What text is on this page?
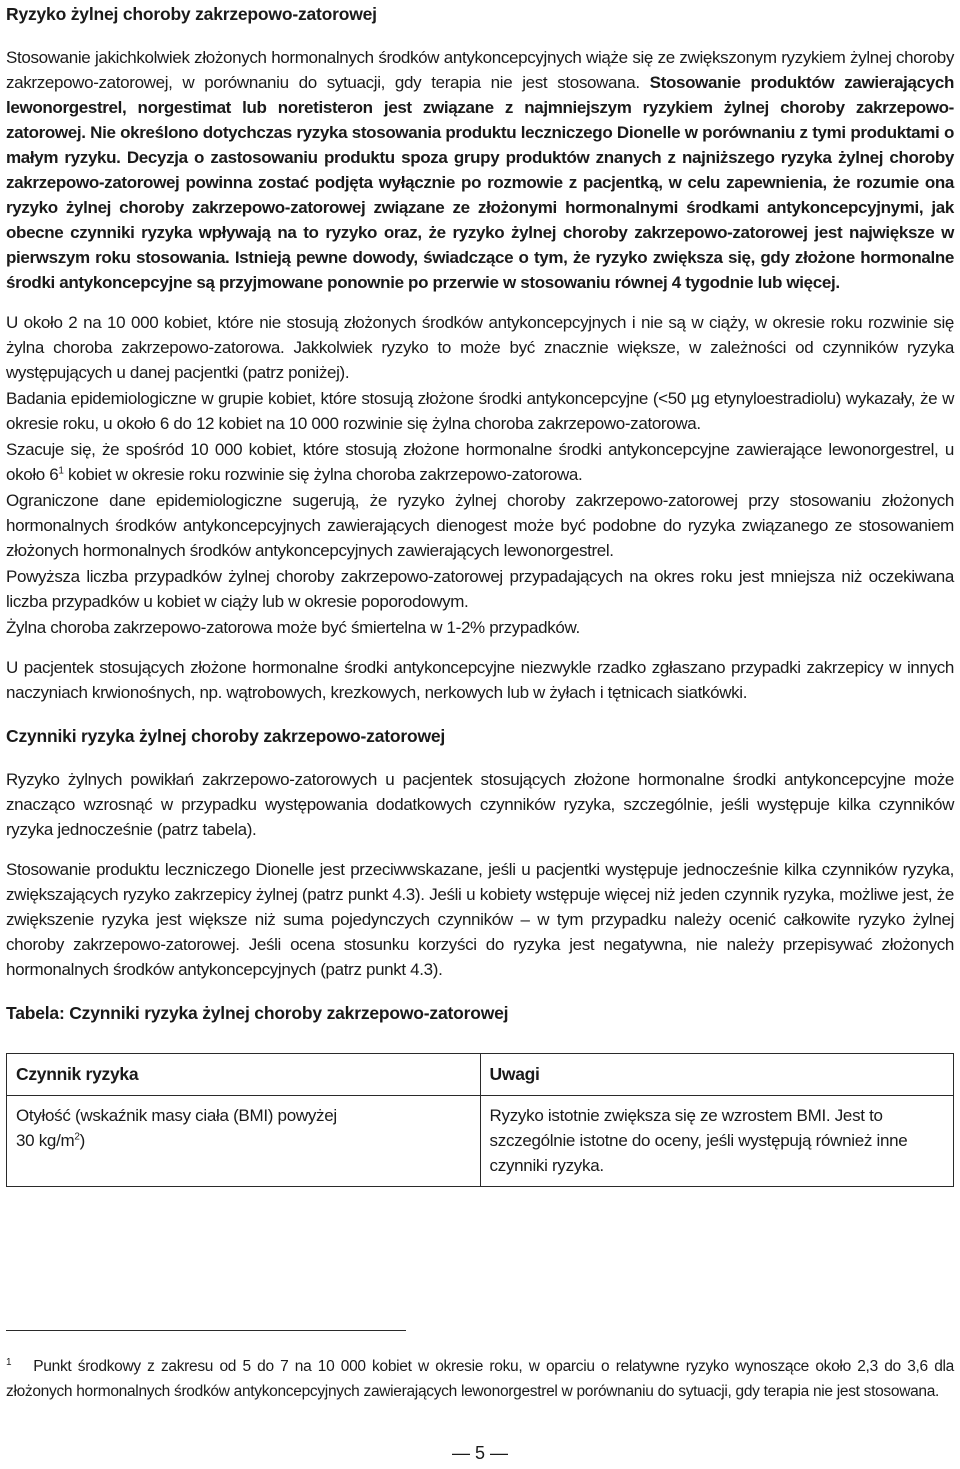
Ryzyko żylnej choroby zakrzepowo-zatorowej

Stosowanie jakichkolwiek złożonych hormonalnych środków antykoncepcyjnych wiąże się ze zwiększonym ryzykiem żylnej choroby zakrzepowo-zatorowej, w porównaniu do sytuacji, gdy terapia nie jest stosowana. Stosowanie produktów zawierających lewonorgestrel, norgestimat lub noretisteron jest związane z najmniejszym ryzykiem żylnej choroby zakrzepowo-zatorowej. Nie określono dotychczas ryzyka stosowania produktu leczniczego Dionelle w porównaniu z tymi produktami o małym ryzyku. Decyzja o zastosowaniu produktu spoza grupy produktów znanych z najniższego ryzyka żylnej choroby zakrzepowo-zatorowej powinna zostać podjęta wyłącznie po rozmowie z pacjentką, w celu zapewnienia, że rozumie ona ryzyko żylnej choroby zakrzepowo-zatorowej związane ze złożonymi hormonalnymi środkami antykoncepcyjnymi, jak obecne czynniki ryzyka wpływają na to ryzyko oraz, że ryzyko żylnej choroby zakrzepowo-zatorowej jest największe w pierwszym roku stosowania. Istnieją pewne dowody, świadczące o tym, że ryzyko zwiększa się, gdy złożone hormonalne środki antykoncepcyjne są przyjmowane ponownie po przerwie w stosowaniu równej 4 tygodnie lub więcej.

U około 2 na 10 000 kobiet, które nie stosują złożonych środków antykoncepcyjnych i nie są w ciąży, w okresie roku rozwinie się żylna choroba zakrzepowo-zatorowa. Jakkolwiek ryzyko to może być znacznie większe, w zależności od czynników ryzyka występujących u danej pacjentki (patrz poniżej).

Badania epidemiologiczne w grupie kobiet, które stosują złożone środki antykoncepcyjne (<50 µg etynyloestradiolu) wykazały, że w okresie roku, u około 6 do 12 kobiet na 10 000 rozwinie się żylna choroba zakrzepowo-zatorowa.

Szacuje się, że spośród 10 000 kobiet, które stosują złożone hormonalne środki antykoncepcyjne zawierające lewonorgestrel, u około $6^1$ kobiet w okresie roku rozwinie się żylna choroba zakrzepowo-zatorowa.

Ograniczone dane epidemiologiczne sugerują, że ryzyko żylnej choroby zakrzepowo-zatorowej przy stosowaniu złożonych hormonalnych środków antykoncepcyjnych zawierających dienogest może być podobne do ryzyka związanego ze stosowaniem złożonych hormonalnych środków antykoncepcyjnych zawierających lewonorgestrel.

Powyższa liczba przypadków żylnej choroby zakrzepowo-zatorowej przypadających na okres roku jest mniejsza niż oczekiwana liczba przypadków u kobiet w ciąży lub w okresie poporodowym.

Żylna choroba zakrzepowo-zatorowa może być śmiertelna w 1-2% przypadków.

U pacjentek stosujących złożone hormonalne środki antykoncepcyjne niezwykle rzadko zgłaszano przypadki zakrzepicy w innych naczyniach krwionośnych, np. wątrobowych, krezkowych, nerkowych lub w żyłach i tętnicach siatkówki.

Czynniki ryzyka żylnej choroby zakrzepowo-zatorowej

Ryzyko żylnych powikłań zakrzepowo-zatorowych u pacjentek stosujących złożone hormonalne środki antykoncepcyjne może znacząco wzrosnąć w przypadku występowania dodatkowych czynników ryzyka, szczególnie, jeśli występuje kilka czynników ryzyka jednocześnie (patrz tabela).

Stosowanie produktu leczniczego Dionelle jest przeciwwskazane, jeśli u pacjentki występuje jednocześnie kilka czynników ryzyka, zwiększających ryzyko zakrzepicy żylnej (patrz punkt 4.3). Jeśli u kobiety wstępuje więcej niż jeden czynnik ryzyka, możliwe jest, że zwiększenie ryzyka jest większe niż suma pojedynczych czynników – w tym przypadku należy ocenić całkowite ryzyko żylnej choroby zakrzepowo-zatorowej. Jeśli ocena stosunku korzyści do ryzyka jest negatywna, nie należy przepisywać złożonych hormonalnych środków antykoncepcyjnych (patrz punkt 4.3).

Tabela: Czynniki ryzyka żylnej choroby zakrzepowo-zatorowej
Czynnik ryzyka	Uwagi
Otyłość (wskaźnik masy ciała (BMI) powyżej 30 $kg/m^2$)	Ryzyko istotnie zwiększa się ze wzrostem BMI. Jest to szczególnie istotne do oceny, jeśli występują również inne czynniki ryzyka.
$^1$ Punkt środkowy z zakresu od 5 do 7 na 10 000 kobiet w okresie roku, w oparciu o relatywne ryzyko wynoszące około 2,3 do 3,6 dla złożonych hormonalnych środków antykoncepcyjnych zawierających lewonorgestrel w porównaniu do sytuacji, gdy terapia nie jest stosowana.
— 5 —
